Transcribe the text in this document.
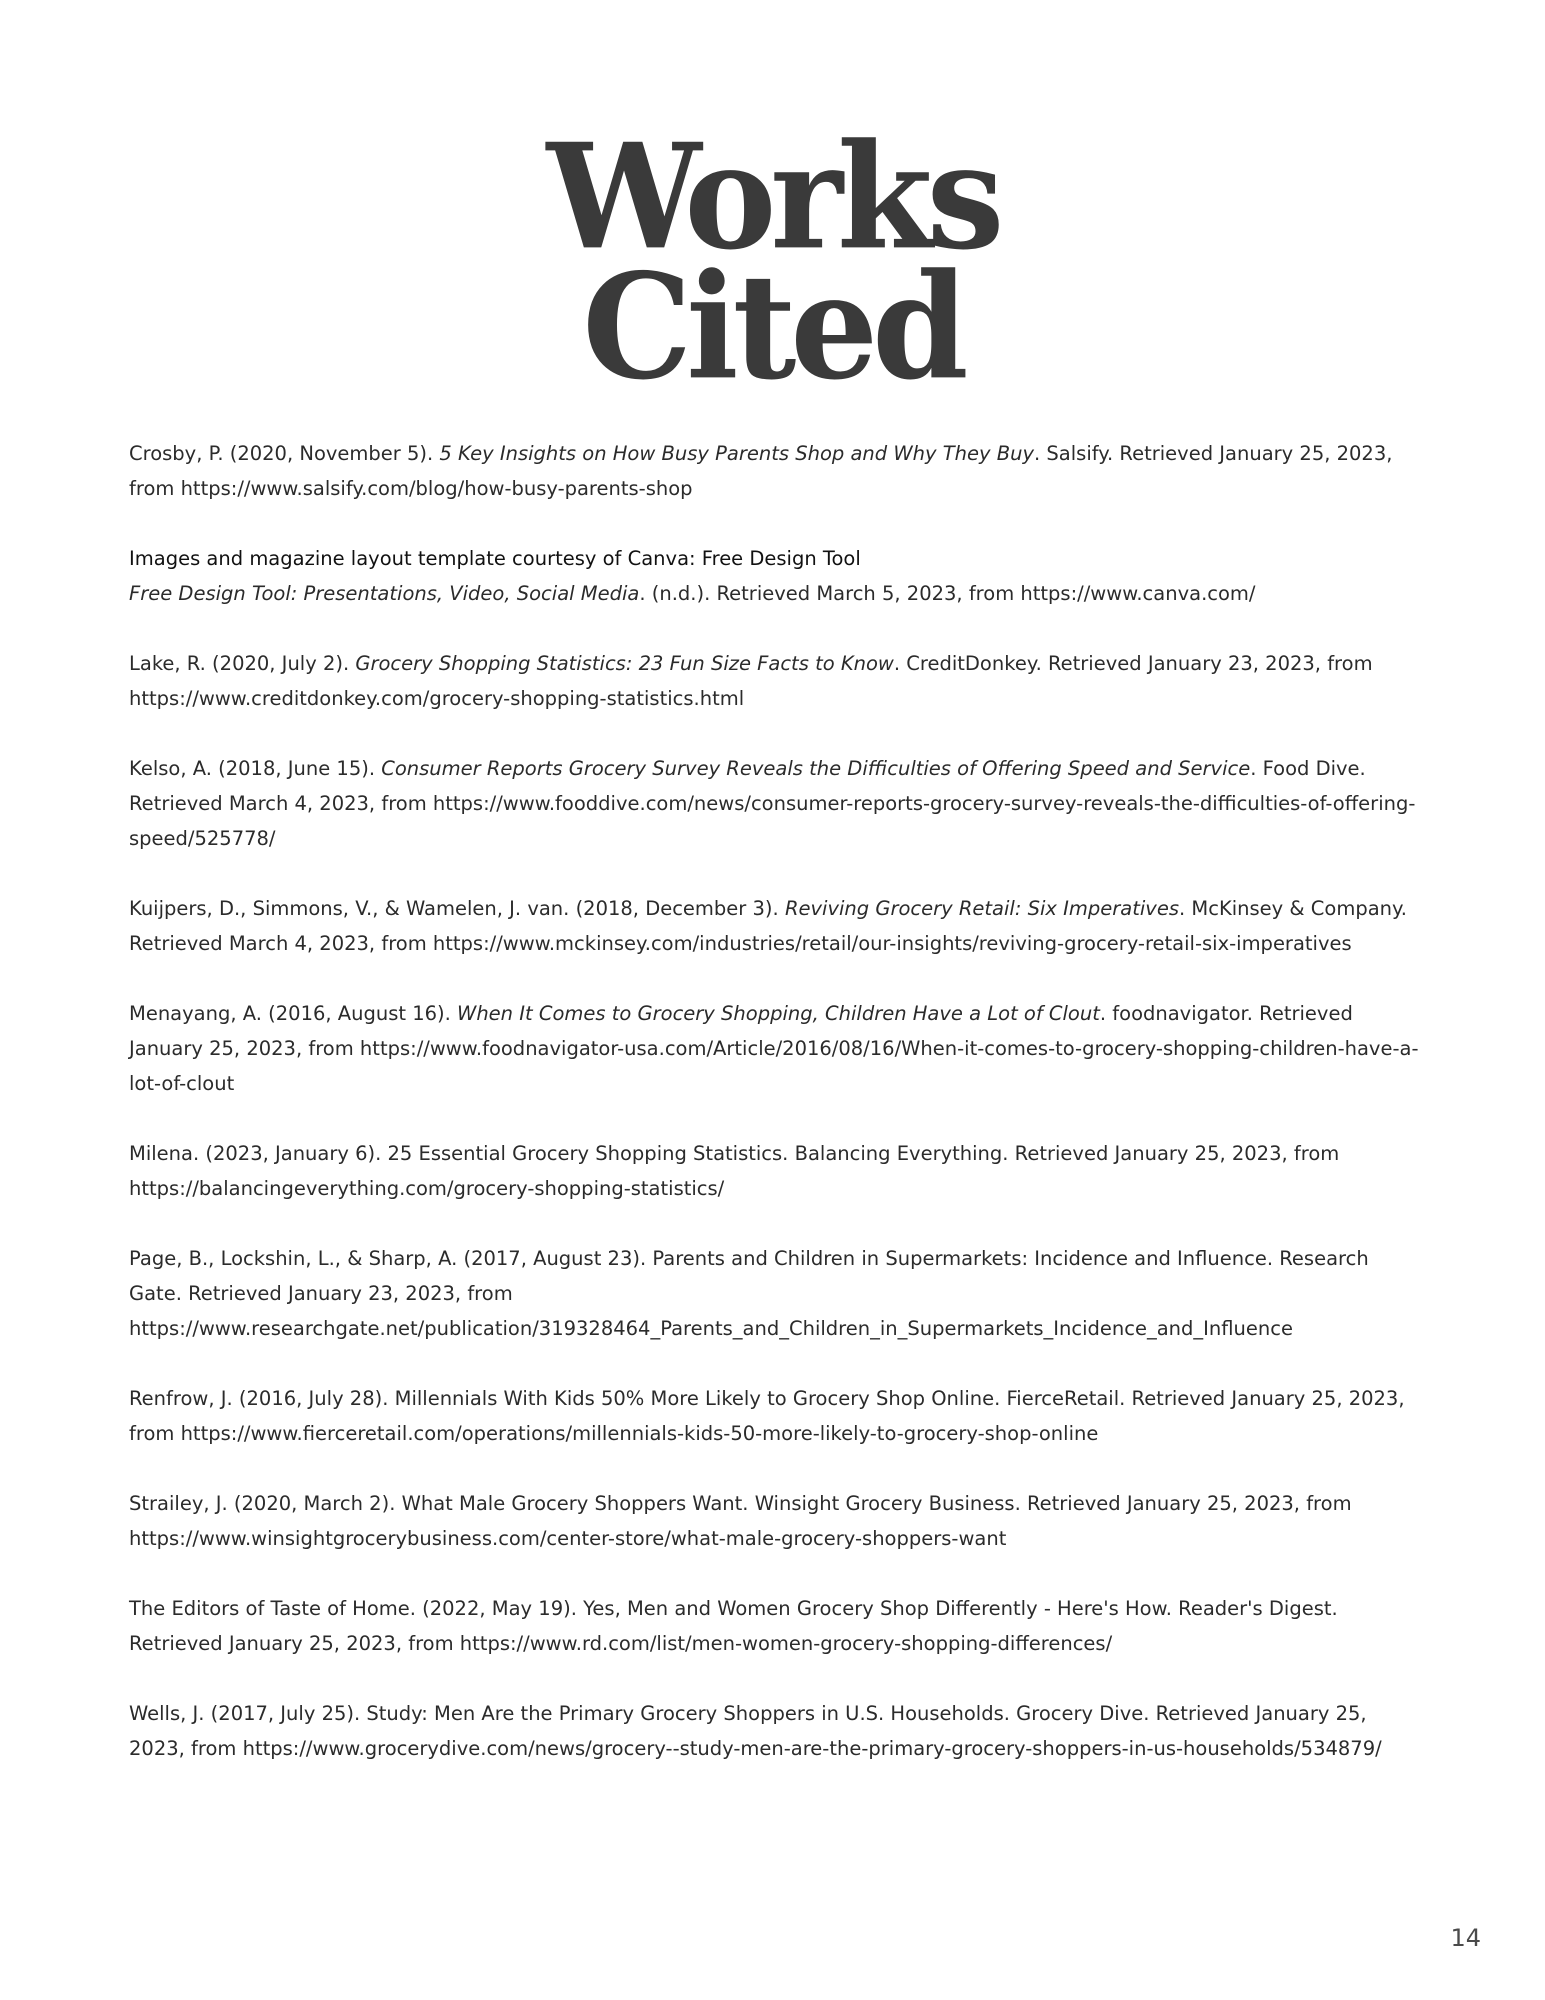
Works
Cited

Crosby, P. (2020, November 5). 5 Key Insights on How Busy Parents Shop and Why They Buy. Salsify. Retrieved January 25, 2023, from https://www.salsify.com/blog/how-busy-parents-shop

Images and magazine layout template courtesy of Canva: Free Design Tool
Free Design Tool: Presentations, Video, Social Media. (n.d.). Retrieved March 5, 2023, from https://www.canva.com/

Lake, R. (2020, July 2). Grocery Shopping Statistics: 23 Fun Size Facts to Know. CreditDonkey. Retrieved January 23, 2023, from https://www.creditdonkey.com/grocery-shopping-statistics.html

Kelso, A. (2018, June 15). Consumer Reports Grocery Survey Reveals the Difficulties of Offering Speed and Service. Food Dive. Retrieved March 4, 2023, from https://www.fooddive.com/news/consumer-reports-grocery-survey-reveals-the-difficulties-of-offering-speed/525778/

Kuijpers, D., Simmons, V., & Wamelen, J. van. (2018, December 3). Reviving Grocery Retail: Six Imperatives. McKinsey & Company. Retrieved March 4, 2023, from https://www.mckinsey.com/industries/retail/our-insights/reviving-grocery-retail-six-imperatives

Menayang, A. (2016, August 16). When It Comes to Grocery Shopping, Children Have a Lot of Clout. foodnavigator. Retrieved January 25, 2023, from https://www.foodnavigator-usa.com/Article/2016/08/16/When-it-comes-to-grocery-shopping-children-have-a-lot-of-clout

Milena. (2023, January 6). 25 Essential Grocery Shopping Statistics. Balancing Everything. Retrieved January 25, 2023, from https://balancingeverything.com/grocery-shopping-statistics/

Page, B., Lockshin, L., & Sharp, A. (2017, August 23). Parents and Children in Supermarkets: Incidence and Influence. Research Gate. Retrieved January 23, 2023, from https://www.researchgate.net/publication/319328464_Parents_and_Children_in_Supermarkets_Incidence_and_Influence

Renfrow, J. (2016, July 28). Millennials With Kids 50% More Likely to Grocery Shop Online. FierceRetail. Retrieved January 25, 2023, from https://www.fierceretail.com/operations/millennials-kids-50-more-likely-to-grocery-shop-online

Strailey, J. (2020, March 2). What Male Grocery Shoppers Want. Winsight Grocery Business. Retrieved January 25, 2023, from https://www.winsightgrocerybusiness.com/center-store/what-male-grocery-shoppers-want

The Editors of Taste of Home. (2022, May 19). Yes, Men and Women Grocery Shop Differently - Here's How. Reader's Digest. Retrieved January 25, 2023, from https://www.rd.com/list/men-women-grocery-shopping-differences/

Wells, J. (2017, July 25). Study: Men Are the Primary Grocery Shoppers in U.S. Households. Grocery Dive. Retrieved January 25, 2023, from https://www.grocerydive.com/news/grocery--study-men-are-the-primary-grocery-shoppers-in-us-households/534879/

14
